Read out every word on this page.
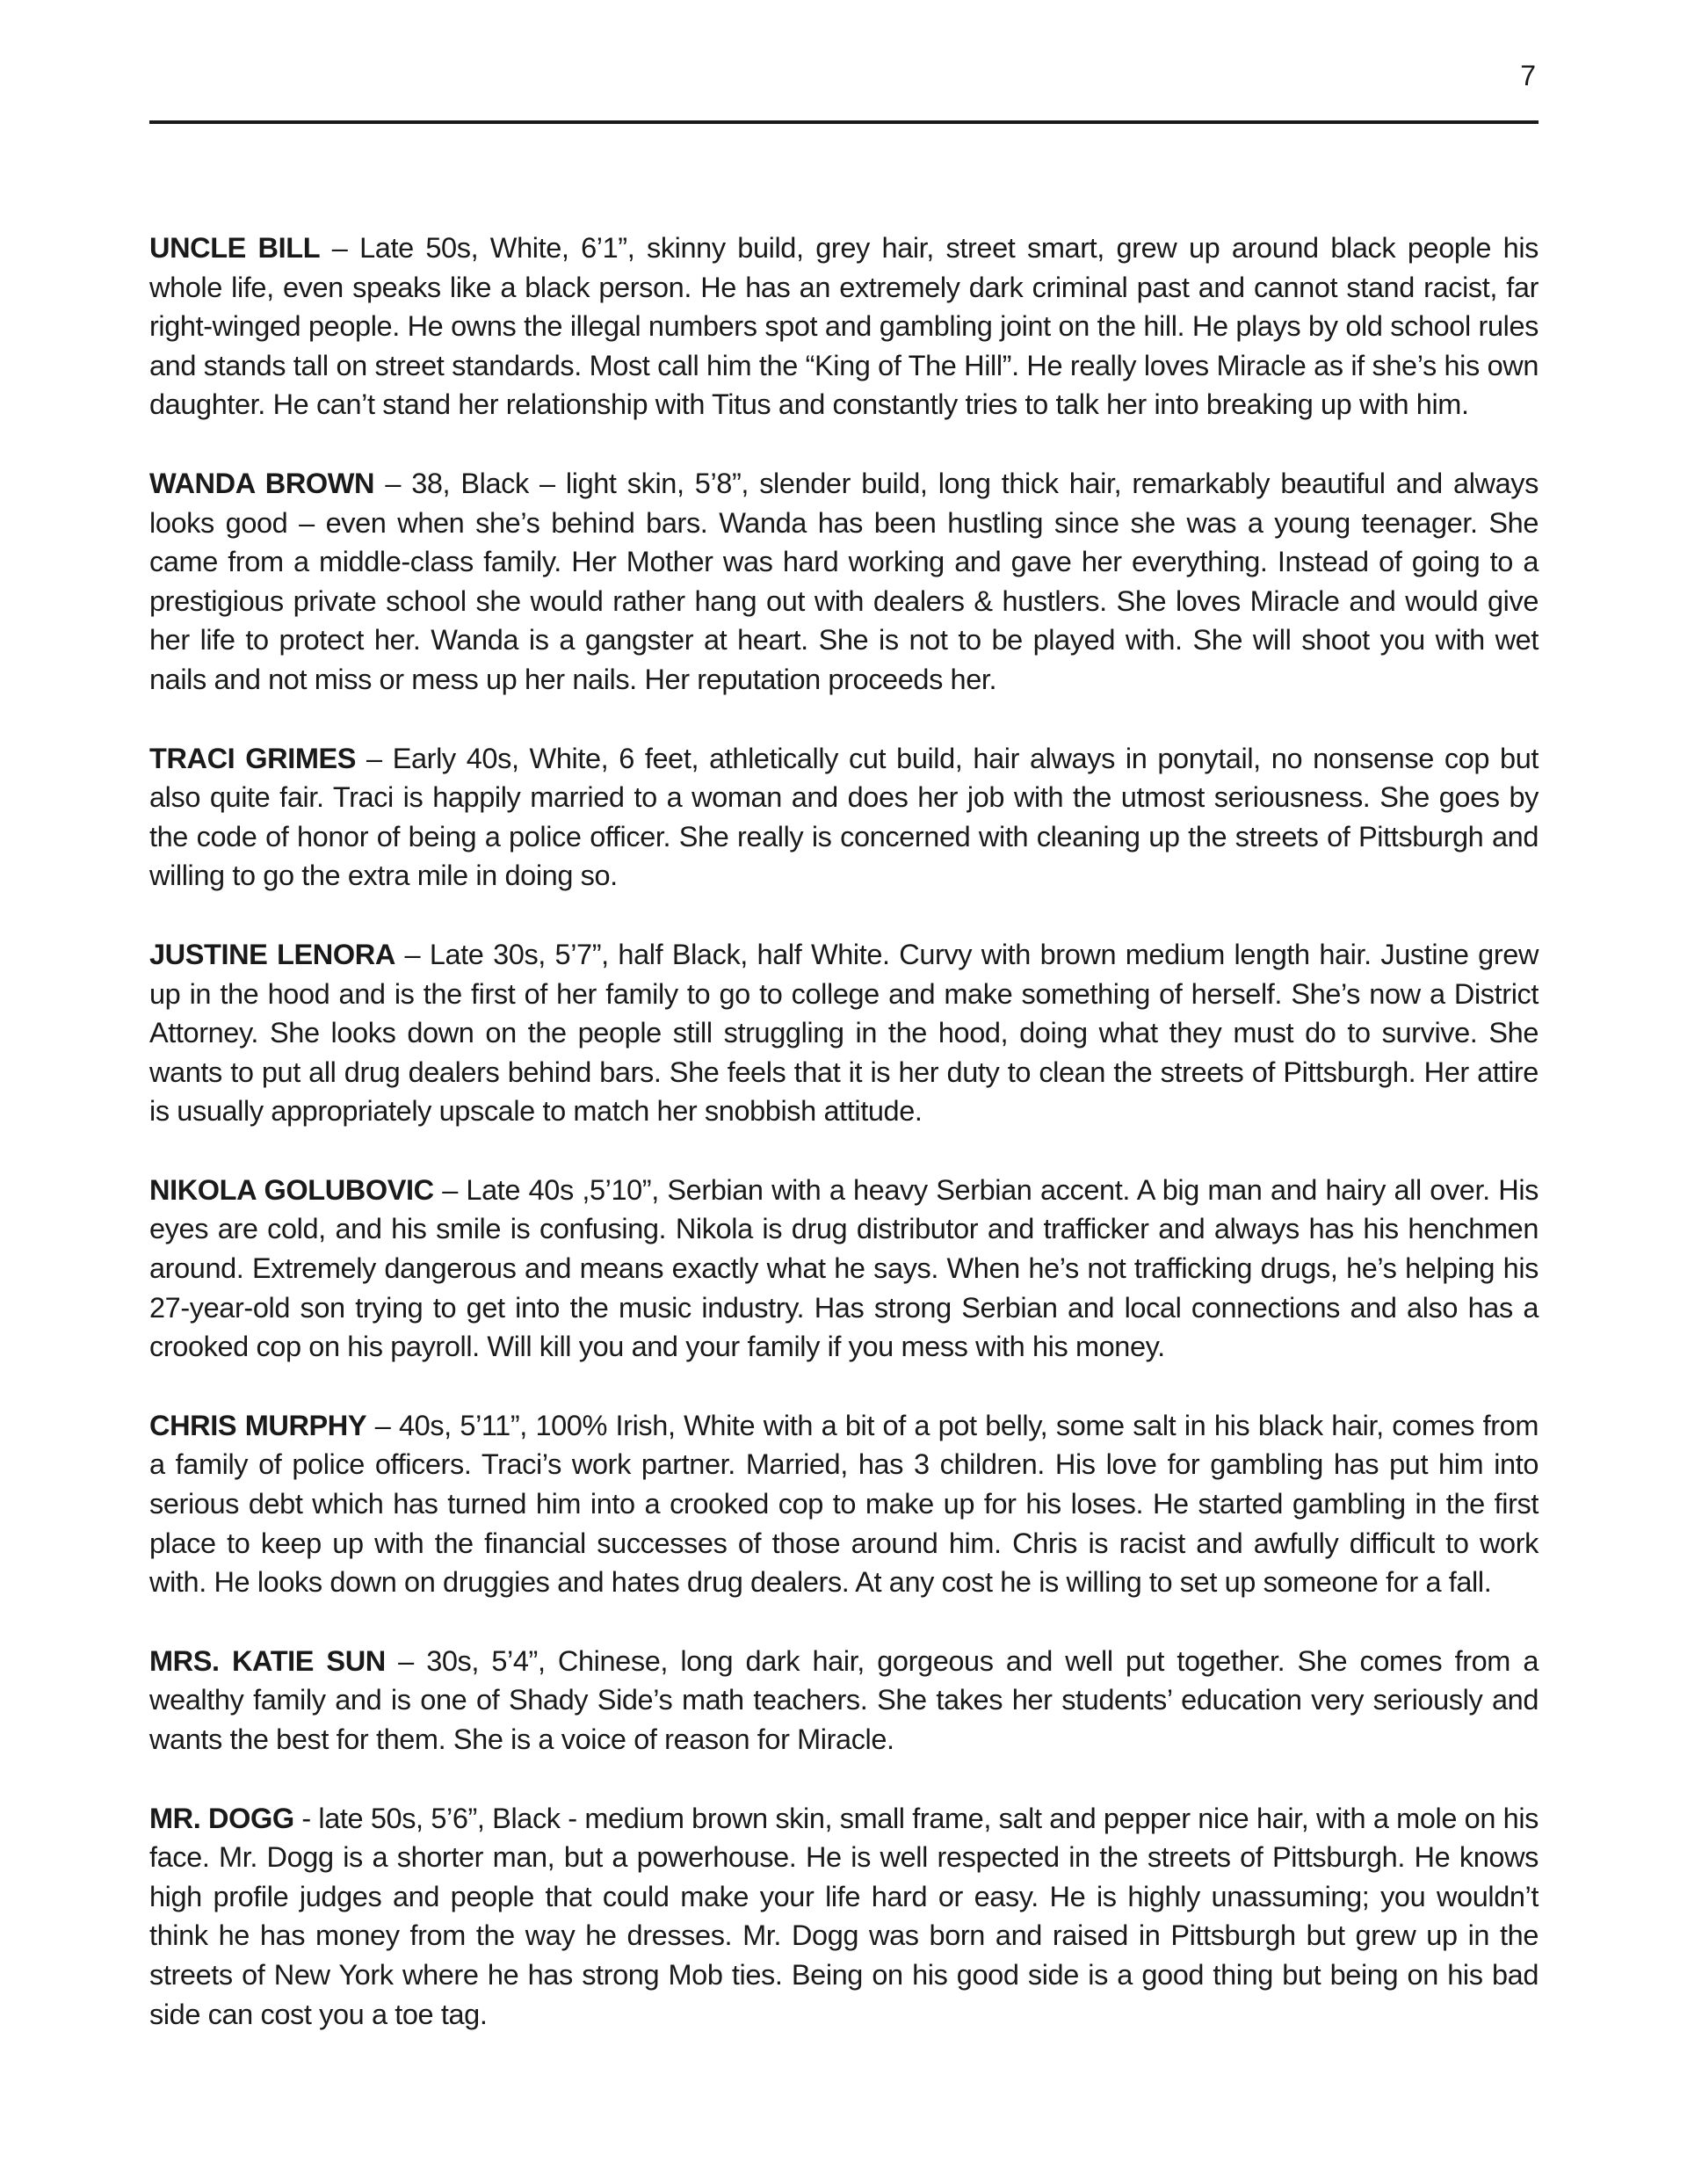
7

UNCLE BILL – Late 50s, White, 6’1”, skinny build, grey hair, street smart, grew up around black people his whole life, even speaks like a black person. He has an extremely dark criminal past and cannot stand racist, far right-winged people. He owns the illegal numbers spot and gambling joint on the hill. He plays by old school rules and stands tall on street standards. Most call him the “King of The Hill”. He really loves Miracle as if she’s his own daughter. He can’t stand her relationship with Titus and constantly tries to talk her into breaking up with him.

WANDA BROWN – 38, Black – light skin, 5’8”, slender build, long thick hair, remarkably beautiful and always looks good – even when she’s behind bars. Wanda has been hustling since she was a young teenager. She came from a middle-class family. Her Mother was hard working and gave her everything. Instead of going to a prestigious private school she would rather hang out with dealers & hustlers. She loves Miracle and would give her life to protect her. Wanda is a gangster at heart. She is not to be played with. She will shoot you with wet nails and not miss or mess up her nails. Her reputation proceeds her.

TRACI GRIMES – Early 40s, White, 6 feet, athletically cut build, hair always in ponytail, no nonsense cop but also quite fair. Traci is happily married to a woman and does her job with the utmost seriousness. She goes by the code of honor of being a police officer. She really is concerned with cleaning up the streets of Pittsburgh and willing to go the extra mile in doing so.

JUSTINE LENORA – Late 30s, 5’7”, half Black, half White. Curvy with brown medium length hair. Justine grew up in the hood and is the first of her family to go to college and make something of herself. She’s now a District Attorney. She looks down on the people still struggling in the hood, doing what they must do to survive. She wants to put all drug dealers behind bars. She feels that it is her duty to clean the streets of Pittsburgh. Her attire is usually appropriately upscale to match her snobbish attitude.

NIKOLA GOLUBOVIC – Late 40s ,5’10”, Serbian with a heavy Serbian accent. A big man and hairy all over. His eyes are cold, and his smile is confusing. Nikola is drug distributor and trafficker and always has his henchmen around. Extremely dangerous and means exactly what he says. When he’s not trafficking drugs, he’s helping his 27-year-old son trying to get into the music industry. Has strong Serbian and local connections and also has a crooked cop on his payroll. Will kill you and your family if you mess with his money.

CHRIS MURPHY – 40s, 5’11”, 100% Irish, White with a bit of a pot belly, some salt in his black hair, comes from a family of police officers. Traci’s work partner. Married, has 3 children. His love for gambling has put him into serious debt which has turned him into a crooked cop to make up for his loses. He started gambling in the first place to keep up with the financial successes of those around him. Chris is racist and awfully difficult to work with. He looks down on druggies and hates drug dealers. At any cost he is willing to set up someone for a fall.

MRS. KATIE SUN – 30s, 5’4”, Chinese, long dark hair, gorgeous and well put together. She comes from a wealthy family and is one of Shady Side’s math teachers. She takes her students’ education very seriously and wants the best for them. She is a voice of reason for Miracle.

MR. DOGG - late 50s, 5’6”, Black - medium brown skin, small frame, salt and pepper nice hair, with a mole on his face. Mr. Dogg is a shorter man, but a powerhouse. He is well respected in the streets of Pittsburgh. He knows high profile judges and people that could make your life hard or easy. He is highly unassuming; you wouldn’t think he has money from the way he dresses. Mr. Dogg was born and raised in Pittsburgh but grew up in the streets of New York where he has strong Mob ties. Being on his good side is a good thing but being on his bad side can cost you a toe tag.
